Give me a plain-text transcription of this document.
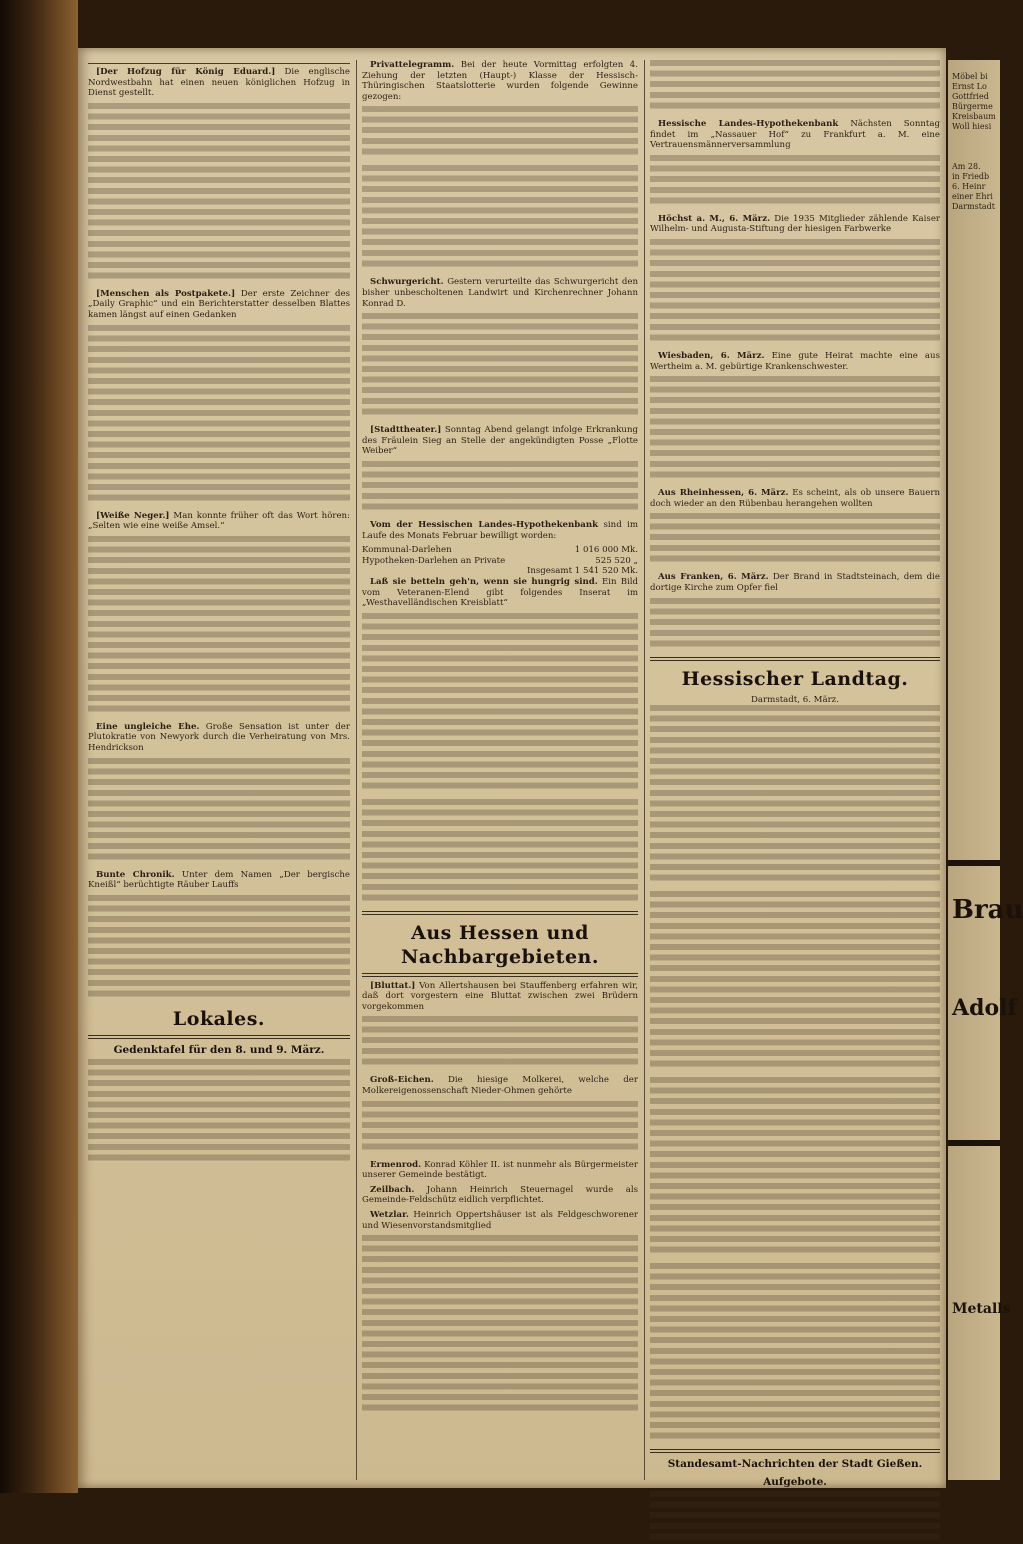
[Der Hofzug für König Eduard.] Die englische Nordwestbahn hat einen neuen königlichen Hofzug in Dienst gestellt.

[Menschen als Postpakete.] Der erste Zeichner des „Daily Graphic“ und ein Berichterstatter desselben Blattes kamen längst auf einen Gedanken

[Weiße Neger.] Man konnte früher oft das Wort hören: „Selten wie eine weiße Amsel.“

Eine ungleiche Ehe. Große Sensation ist unter der Plutokratie von Newyork durch die Verheiratung von Mrs. Hendrickson

Bunte Chronik. Unter dem Namen „Der bergische Kneißl“ berüchtigte Räuber Lauffs

Lokales.
Gedenktafel für den 8. und 9. März.

Privattelegramm. Bei der heute Vormittag erfolgten 4. Ziehung der letzten (Haupt-) Klasse der Hessisch-Thüringischen Staatslotterie wurden folgende Gewinne gezogen:

Schwurgericht. Gestern verurteilte das Schwurgericht den bisher unbescholtenen Landwirt und Kirchenrechner Johann Konrad D.

[Stadttheater.] Sonntag Abend gelangt infolge Erkrankung des Fräulein Sieg an Stelle der angekündigten Posse „Flotte Weiber“

Vom der Hessischen Landes-Hypothekenbank sind im Laufe des Monats Februar bewilligt worden:

Kommunal-Darlehen	1 016 000 Mk.
Hypotheken-Darlehen an Private	525 520 „
Insgesamt 1 541 520 Mk.

Laß sie betteln geh'n, wenn sie hungrig sind. Ein Bild vom Veteranen-Elend gibt folgendes Inserat im „Westhavelländischen Kreisblatt“

Aus Hessen und Nachbargebieten.

[Bluttat.] Von Allertshausen bei Stauffenberg erfahren wir, daß dort vorgestern eine Bluttat zwischen zwei Brüdern vorgekommen

Groß-Eichen. Die hiesige Molkerei, welche der Molkereigenossenschaft Nieder-Ohmen gehörte

Ermenrod. Konrad Köhler II. ist nunmehr als Bürgermeister unserer Gemeinde bestätigt.

Zeilbach. Johann Heinrich Steuernagel wurde als Gemeinde-Feldschütz eidlich verpflichtet.

Wetzlar. Heinrich Oppertshäuser ist als Feldgeschworener und Wiesenvorstandsmitglied

Hessische Landes-Hypothekenbank Nächsten Sonntag findet im „Nassauer Hof“ zu Frankfurt a. M. eine Vertrauensmännerversammlung

Höchst a. M., 6. März. Die 1935 Mitglieder zählende Kaiser Wilhelm- und Augusta-Stiftung der hiesigen Farbwerke

Wiesbaden, 6. März. Eine gute Heirat machte eine aus Wertheim a. M. gebürtige Krankenschwester.

Aus Rheinhessen, 6. März. Es scheint, als ob unsere Bauern doch wieder an den Rübenbau herangehen wollten

Aus Franken, 6. März. Der Brand in Stadtsteinach, dem die dortige Kirche zum Opfer fiel

Hessischer Landtag.
Darmstadt, 6. März.
Standesamt-Nachrichten der Stadt Gießen.
Aufgebote.
Möbel bi
Ernst Lo
Gottfried
Bürgerme
Kreisbaum
Woll hiesi
Am 28.
in Friedb
6. Heinr
einer Ehri
Darmstadt
Brau
Adolf
Metalls
